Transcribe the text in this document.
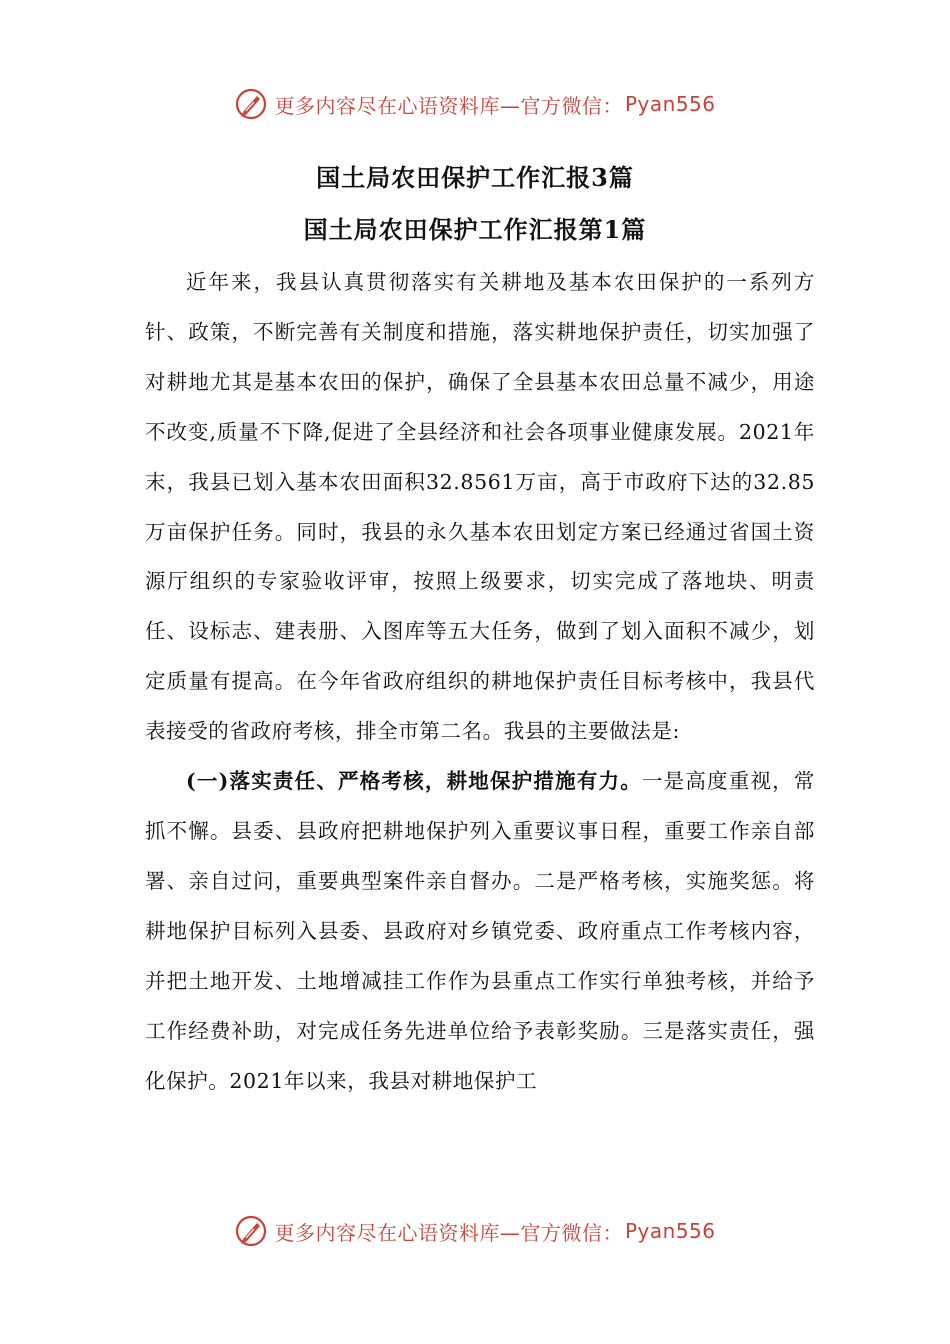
更多内容尽在心语资料库—官方微信： Pyan556
国土局农田保护工作汇报3篇
国土局农田保护工作汇报第1篇

近年来，我县认真贯彻落实有关耕地及基本农田保护的一系列方针、政策，不断完善有关制度和措施，落实耕地保护责任，切实加强了对耕地尤其是基本农田的保护，确保了全县基本农田总量不减少，用途不改变,质量不下降,促进了全县经济和社会各项事业健康发展。2021年末，我县已划入基本农田面积32.8561万亩，高于市政府下达的32.85万亩保护任务。同时，我县的永久基本农田划定方案已经通过省国土资源厅组织的专家验收评审，按照上级要求，切实完成了落地块、明责任、设标志、建表册、入图库等五大任务，做到了划入面积不减少，划定质量有提高。在今年省政府组织的耕地保护责任目标考核中，我县代表接受的省政府考核，排全市第二名。我县的主要做法是:

(一)落实责任、严格考核，耕地保护措施有力。一是高度重视，常抓不懈。县委、县政府把耕地保护列入重要议事日程，重要工作亲自部署、亲自过问，重要典型案件亲自督办。二是严格考核，实施奖惩。将耕地保护目标列入县委、县政府对乡镇党委、政府重点工作考核内容，并把土地开发、土地增减挂工作作为县重点工作实行单独考核，并给予工作经费补助，对完成任务先进单位给予表彰奖励。三是落实责任，强化保护。2021年以来，我县对耕地保护工

更多内容尽在心语资料库—官方微信： Pyan556
